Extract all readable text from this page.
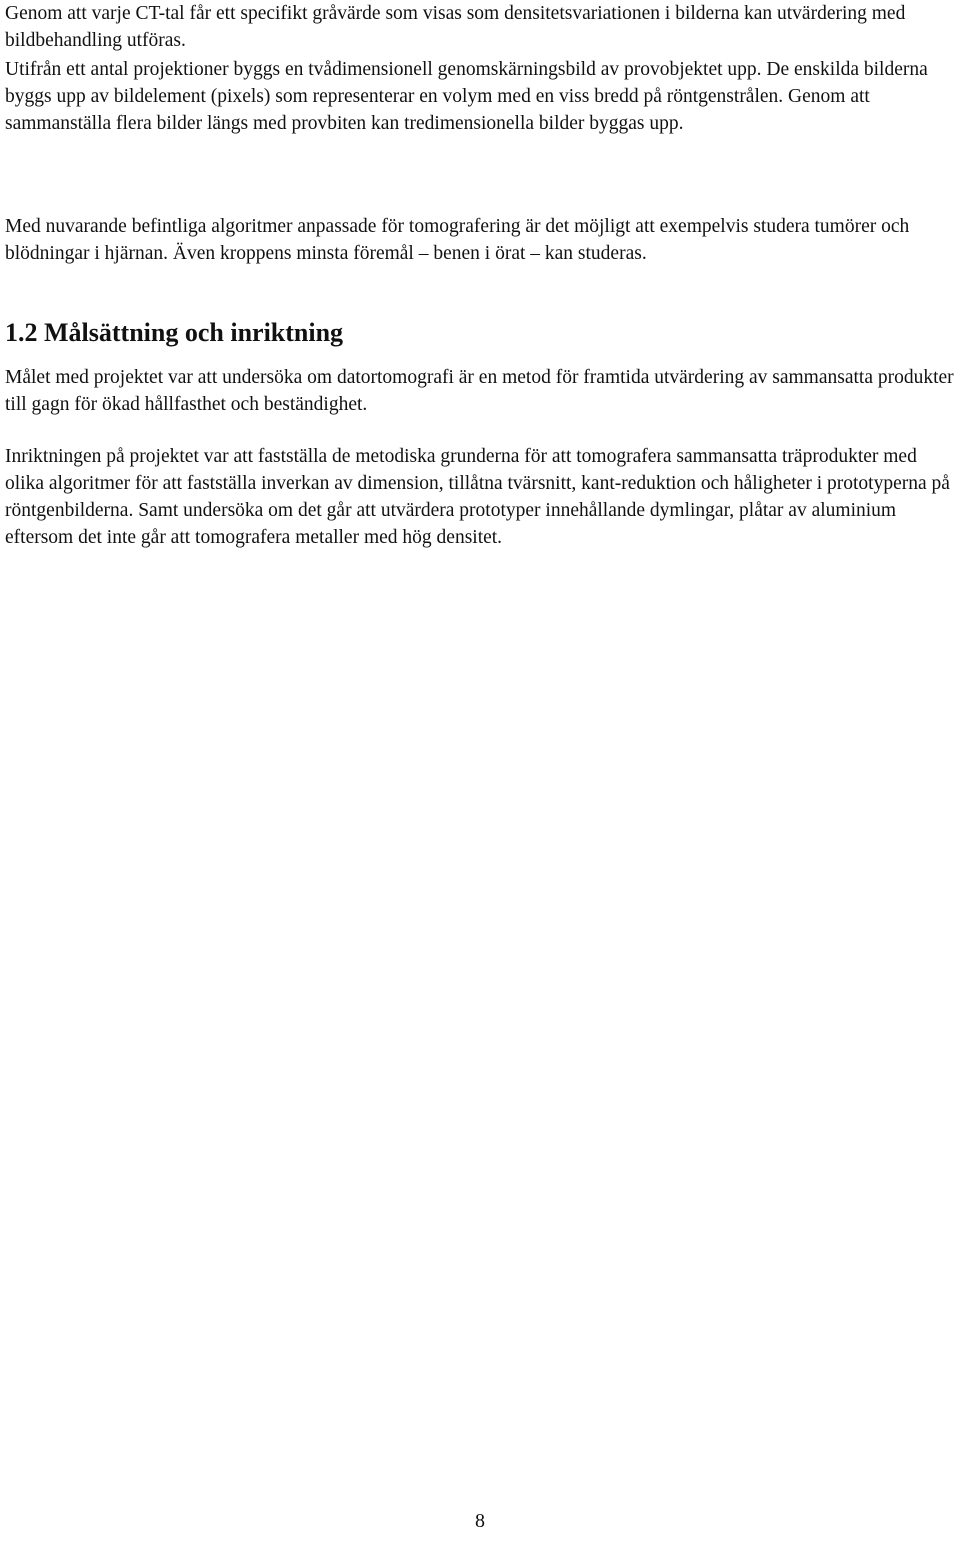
Genom att varje CT-tal får ett specifikt gråvärde som visas som densitetsvariationen i bilderna kan utvärdering med bildbehandling utföras.

Utifrån ett antal projektioner byggs en tvådimensionell genomskärningsbild av provobjektet upp. De enskilda bilderna byggs upp av bildelement (pixels) som representerar en volym med en viss bredd på röntgenstrålen. Genom att sammanställa flera bilder längs med provbiten kan tredimensionella bilder byggas upp.

Med nuvarande befintliga algoritmer anpassade för tomografering är det möjligt att exempelvis studera tumörer och blödningar i hjärnan. Även kroppens minsta föremål – benen i örat – kan studeras.

1.2 Målsättning och inriktning

Målet med projektet var att undersöka om datortomografi är en metod för framtida utvärdering av sammansatta produkter till gagn för ökad hållfasthet och beständighet.

Inriktningen på projektet var att fastställa de metodiska grunderna för att tomografera sammansatta träprodukter med olika algoritmer för att fastställa inverkan av dimension, tillåtna tvärsnitt, kant-reduktion och håligheter i prototyperna på röntgenbilderna. Samt undersöka om det går att utvärdera prototyper innehållande dymlingar, plåtar av aluminium eftersom det inte går att tomografera metaller med hög densitet.

8
